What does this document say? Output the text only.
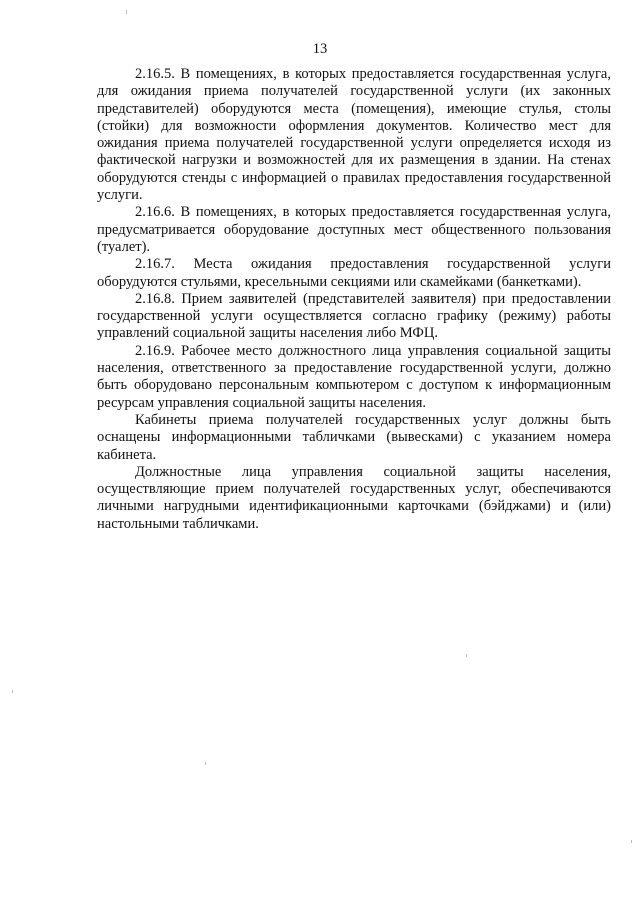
13

2.16.5. В помещениях, в которых предоставляется государственная услуга, для ожидания приема получателей государственной услуги (их законных представителей) оборудуются места (помещения), имеющие стулья, столы (стойки) для возможности оформления документов. Количество мест для ожидания приема получателей государственной услуги определяется исходя из фактической нагрузки и возможностей для их размещения в здании. На стенах оборудуются стенды с информацией о правилах предоставления государственной услуги.

2.16.6. В помещениях, в которых предоставляется государственная услуга, предусматривается оборудование доступных мест общественного пользования (туалет).

2.16.7. Места ожидания предоставления государственной услуги оборудуются стульями, кресельными секциями или скамейками (банкетками).

2.16.8. Прием заявителей (представителей заявителя) при предоставлении государственной услуги осуществляется согласно графику (режиму) работы управлений социальной защиты населения либо МФЦ.

2.16.9. Рабочее место должностного лица управления социальной защиты населения, ответственного за предоставление государственной услуги, должно быть оборудовано персональным компьютером с доступом к информационным ресурсам управления социальной защиты населения.

Кабинеты приема получателей государственных услуг должны быть оснащены информационными табличками (вывесками) с указанием номера кабинета.

Должностные лица управления социальной защиты населения, осуществляющие прием получателей государственных услуг, обеспечиваются личными нагрудными идентификационными карточками (бэйджами) и (или) настольными табличками.
